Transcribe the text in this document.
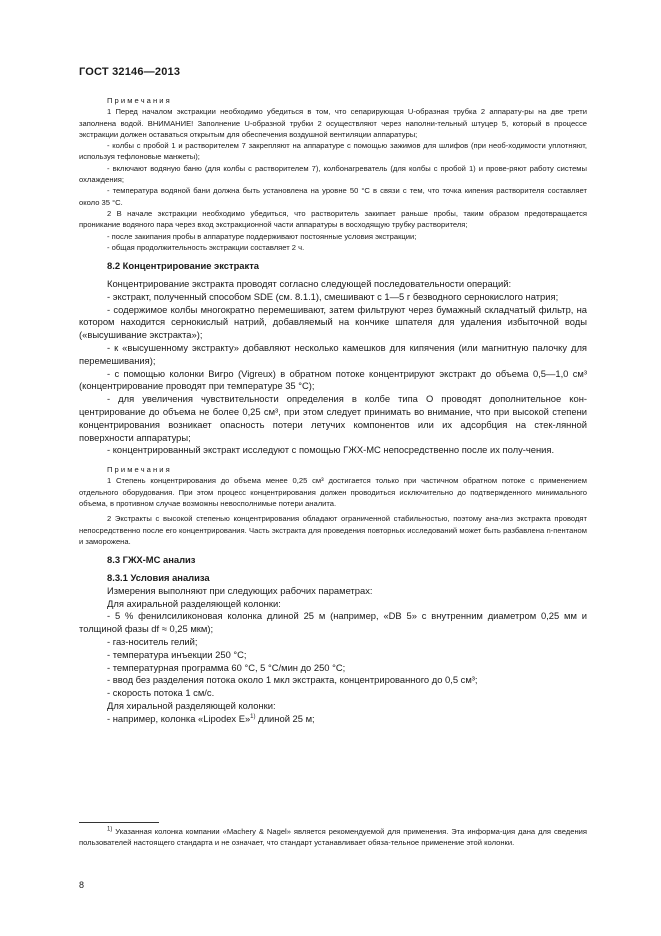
ГОСТ 32146—2013

Примечания

1 Перед началом экстракции необходимо убедиться в том, что сепарирующая U-образная трубка 2 аппарату-ры на две трети заполнена водой. ВНИМАНИЕ! Заполнение U-образной трубки 2 осуществляют через наполни-тельный штуцер 5, который в процессе экстракции должен оставаться открытым для обеспечения воздушной вентиляции аппаратуры;

- колбы с пробой 1 и растворителем 7 закрепляют на аппаратуре с помощью зажимов для шлифов (при необ-ходимости уплотняют, используя тефлоновые манжеты);

- включают водяную баню (для колбы с растворителем 7), колбонагреватель (для колбы с пробой 1) и прове-ряют работу системы охлаждения;

- температура водяной бани должна быть установлена на уровне 50 °С в связи с тем, что точка кипения растворителя составляет около 35 °С.

2 В начале экстракции необходимо убедиться, что растворитель закипает раньше пробы, таким образом предотвращается проникание водяного пара через вход экстракционной части аппаратуры в восходящую трубку растворителя;

- после закипания пробы в аппаратуре поддерживают постоянные условия экстракции;

- общая продолжительность экстракции составляет 2 ч.

8.2 Концентрирование экстракта

Концентрирование экстракта проводят согласно следующей последовательности операций:

- экстракт, полученный способом SDE (см. 8.1.1), смешивают с 1—5 г безводного сернокислого натрия;

- содержимое колбы многократно перемешивают, затем фильтруют через бумажный складчатый фильтр, на котором находится сернокислый натрий, добавляемый на кончике шпателя для удаления избыточной воды («высушивание экстракта»);

- к «высушенному экстракту» добавляют несколько камешков для кипячения (или магнитную палочку для перемешивания);

- с помощью колонки Вигро (Vigreux) в обратном потоке концентрируют экстракт до объема 0,5—1,0 см³ (концентрирование проводят при температуре 35 °С);

- для увеличения чувствительности определения в колбе типа О проводят дополнительное кон-центрирование до объема не более 0,25 см³, при этом следует принимать во внимание, что при высокой степени концентрирования возникает опасность потери летучих компонентов или их адсорбция на стек-лянной поверхности аппаратуры;

- концентрированный экстракт исследуют с помощью ГЖХ-МС непосредственно после их полу-чения.

Примечания

1 Степень концентрирования до объема менее 0,25 см³ достигается только при частичном обратном потоке с применением отдельного оборудования. При этом процесс концентрирования должен проводиться исключительно до подтвержденного минимального объема, в противном случае возможны невосполнимые потери аналита.

2 Экстракты с высокой степенью концентрирования обладают ограниченной стабильностью, поэтому ана-лиз экстракта проводят непосредственно после его концентрирования. Часть экстракта для проведения повторных исследований может быть разбавлена n-пентаном и заморожена.

8.3 ГЖХ-МС анализ

8.3.1 Условия анализа

Измерения выполняют при следующих рабочих параметрах:

Для ахиральной разделяющей колонки:

- 5 % фенилсиликоновая колонка длиной 25 м (например, «DB 5» с внутренним диаметром 0,25 мм и толщиной фазы df ≈ 0,25 мкм);

- газ-носитель гелий;

- температура инъекции 250 °С;

- температурная программа 60 °С, 5 °С/мин до 250 °С;

- ввод без разделения потока около 1 мкл экстракта, концентрированного до 0,5 см³;

- скорость потока 1 см/с.

Для хиральной разделяющей колонки:

- например, колонка «Lipodex E»$^{1)}$ длиной 25 м;

$^{1)}$ Указанная колонка компании «Machery & Nagel» является рекомендуемой для применения. Эта информа-ция дана для сведения пользователей настоящего стандарта и не означает, что стандарт устанавливает обяза-тельное применение этой колонки.

8
